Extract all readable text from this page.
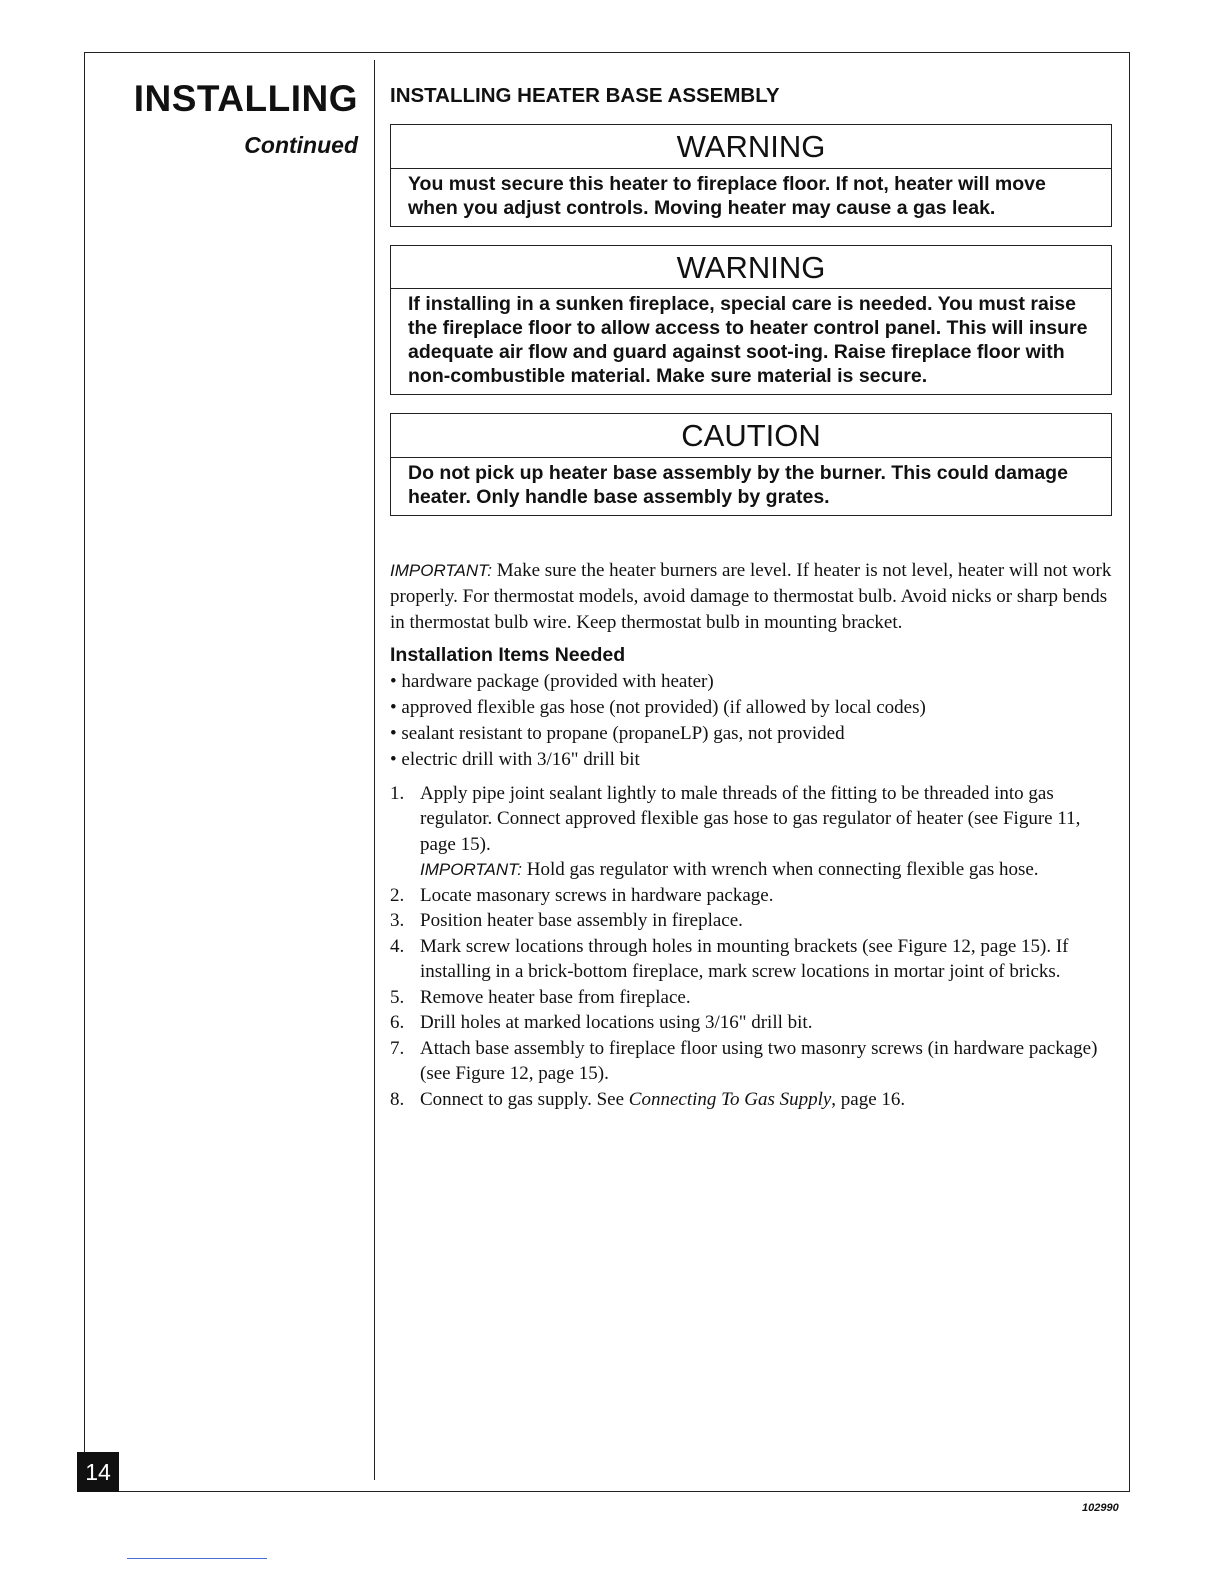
INSTALLING
Continued
INSTALLING HEATER BASE ASSEMBLY
WARNING
You must secure this heater to fireplace floor. If not, heater will move when you adjust controls. Moving heater may cause a gas leak.
WARNING
If installing in a sunken fireplace, special care is needed. You must raise the fireplace floor to allow access to heater control panel. This will insure adequate air flow and guard against soot-ing. Raise fireplace floor with non-combustible material. Make sure material is secure.
CAUTION
Do not pick up heater base assembly by the burner. This could damage heater. Only handle base assembly by grates.

IMPORTANT: Make sure the heater burners are level. If heater is not level, heater will not work properly. For thermostat models, avoid damage to thermostat bulb. Avoid nicks or sharp bends in thermostat bulb wire. Keep thermostat bulb in mounting bracket.

Installation Items Needed
• hardware package (provided with heater)
• approved flexible gas hose (not provided) (if allowed by local codes)
• sealant resistant to propane (propaneLP) gas, not provided
• electric drill with 3/16" drill bit
1. Apply pipe joint sealant lightly to male threads of the fitting to be threaded into gas regulator. Connect approved flexible gas hose to gas regulator of heater (see Figure 11, page 15).
IMPORTANT: Hold gas regulator with wrench when connecting flexible gas hose.
2. Locate masonary screws in hardware package.
3. Position heater base assembly in fireplace.
4. Mark screw locations through holes in mounting brackets (see Figure 12, page 15). If installing in a brick-bottom fireplace, mark screw locations in mortar joint of bricks.
5. Remove heater base from fireplace.
6. Drill holes at marked locations using 3/16" drill bit.
7. Attach base assembly to fireplace floor using two masonry screws (in hardware package) (see Figure 12, page 15).
8. Connect to gas supply. See Connecting To Gas Supply, page 16.
14
102990
